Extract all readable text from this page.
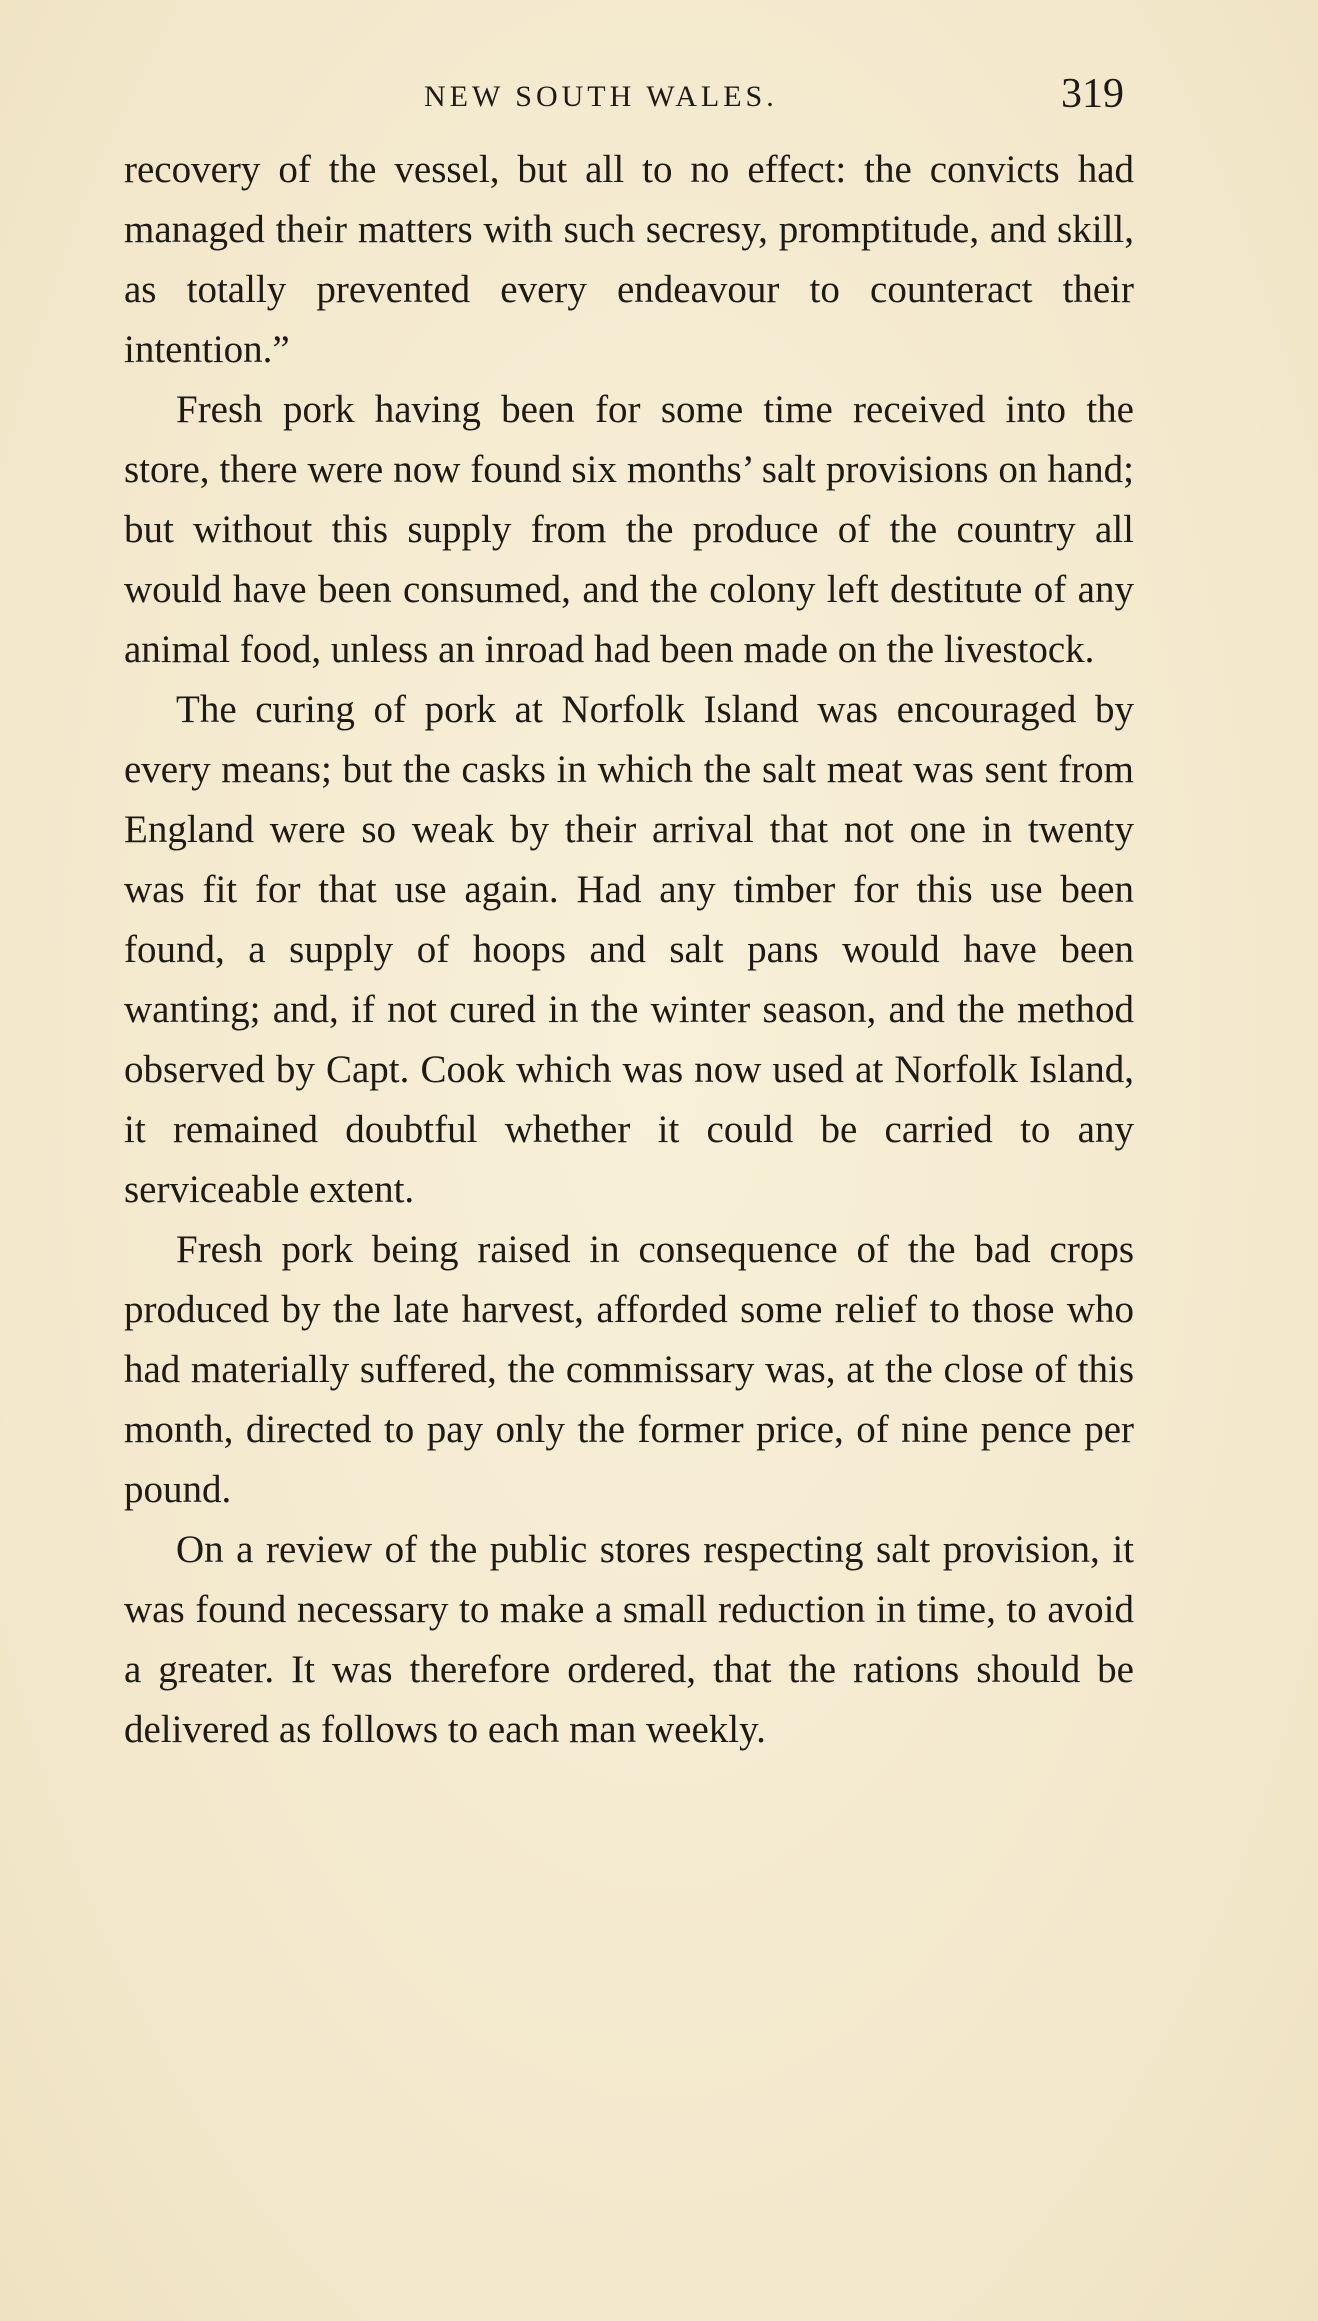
NEW SOUTH WALES.	319

recovery of the vessel, but all to no effect: the convicts had managed their matters with such secresy, promptitude, and skill, as totally prevented every endeavour to counteract their intention.”

Fresh pork having been for some time received into the store, there were now found six months’ salt provisions on hand; but without this supply from the produce of the country all would have been consumed, and the colony left destitute of any animal food, unless an inroad had been made on the livestock.

The curing of pork at Norfolk Island was encouraged by every means; but the casks in which the salt meat was sent from England were so weak by their arrival that not one in twenty was fit for that use again. Had any timber for this use been found, a supply of hoops and salt pans would have been wanting; and, if not cured in the winter season, and the method observed by Capt. Cook which was now used at Norfolk Island, it remained doubtful whether it could be carried to any serviceable extent.

Fresh pork being raised in consequence of the bad crops produced by the late harvest, afforded some relief to those who had materially suffered, the commissary was, at the close of this month, directed to pay only the former price, of nine pence per pound.

On a review of the public stores respecting salt provision, it was found necessary to make a small reduction in time, to avoid a greater. It was therefore ordered, that the rations should be delivered as follows to each man weekly.
